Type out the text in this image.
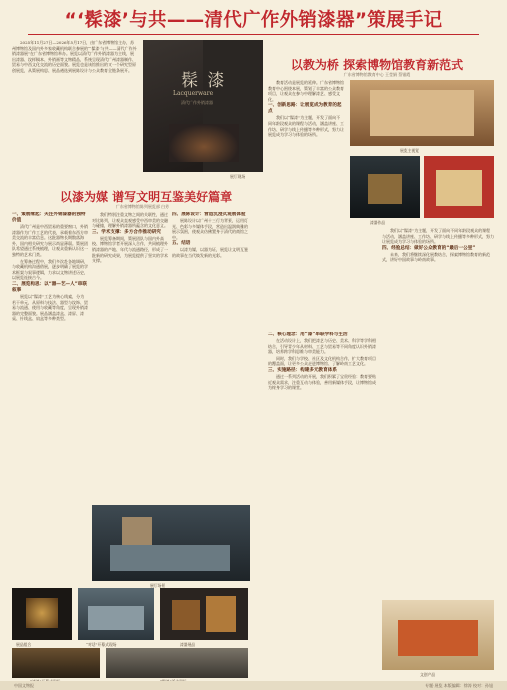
“‘髹漆’与共——清代广作外销漆器”策展手记

2025年11月27日—2026年5月17日，由广东省博物馆主办，苏州博物馆及国内外多家收藏机构联合参展的“‘髹漆’与共——清代广作外销漆器展”在广东省博物馆举办。展览以清代广作外销漆器为主线，展出漆器、纹样稿本、外销画等文物精品，系统呈现清代广州漆器制作、贸易与中西文化交流的历史面貌。展览也是该馆推出的又一个研究型原创展览，从策展构思、展品遴选到展陈设计与公众教育全链条展开。

髹 漆
Lacquerware
清代广作外销漆器
展厅现场
以漆为媒 谱写文明互鉴美好篇章
广东省博物馆陈列展览部 白芳
一、策展缘起：关注外销漆器的独特价值

清代广州是中西贸易的重要窗口，外销漆器作为广作工艺的代表，承载着东西方审美交流的丰富信息。这批器物长期散落海外，国内相关研究与展示尚显薄弱。策展团队希望通过系统梳理，让观众重新认识这一独特的艺术门类。

在筹备过程中，我们多次赴各地调研，与收藏机构沟通借展，逐步明确了展览的学术框架与叙事逻辑，力求以文物讲述历史，以展览连接古今。

二、展览构思：以“器—艺—人”串联叙事

展览以“髹漆”工艺为核心线索，分为若干单元，从原料与技法、器型与纹饰、贸易与流通、使用与收藏等角度，呈现外销漆器的完整面貌。展品涵盖漆盒、漆屏、漆桌、针线盒、扇盒等多种类型。

我们特别注重文物之间的关联性，通过对比陈列，让观众直观感受中西审美的交融与碰撞，理解外销漆器所蕴含的文化意义。

三、学术支撑：多方合作推动研究

展览筹备期间，策展团队与国内外高校、博物馆学者开展深入合作，共同梳理外销漆器的产地、年代与流通路径，形成了一批新的研究成果，为展览提供了坚实的学术支撑。

四、展陈设计：营造沉浸式观展体验

展陈设计以广州十三行为背景，运用灯光、色彩与多媒体手段，营造出温润典雅的展示氛围，使观众仿佛置身于清代的商馆之中。

五、结语

以漆为媒，以器为证，展览让文明互鉴的故事在当代焕发新的光彩。

展厅场景
展品组合	“对话”开幕式现场	漆器展品
以教为桥 探索博物馆教育新范式
广东省博物馆教育中心 王莹娟 蔡银霞

教育活动是展览的延伸。广东省博物馆教育中心围绕本展，策划了丰富的公众教育项目，让观众在参与中理解漆艺、感受文化。

一、创新思路：让展览成为教育的起点

我们以“髹漆”为主题，开发了面向不同年龄段观众的课程与活动，涵盖讲座、工作坊、研学与线上传播等多种形式，努力让展览成为学习与体验的场所。

展览主视觉
漆器作品
二、核心理念：用“漆”串联学科与生活

在活动设计上，我们把漆艺与历史、美术、科学等学科相结合，引导青少年从材料、工艺与贸易等不同角度认识外销漆器，培养跨学科思维与审美能力。

同时，我们与学校、社区及文化机构合作，扩大教育项目的覆盖面，让更多公众走进博物馆、了解岭南工艺文化。

三、实施路径：构建多元教育体系

通过一系列活动的开展，我们积累了宝贵经验：教育要贴近观众需求，注重互动与体验，善用新媒体手段，让博物馆成为终身学习的课堂。

我们以“髹漆”为主题，开发了面向不同年龄段观众的课程与活动，涵盖讲座、工作坊、研学与线上传播等多种形式，努力让展览成为学习与体验的场所。

四、经验总结：做好公众教育的“最后一公里”

未来，我们将继续深化展教结合，探索博物馆教育的新范式，讲好中国故事与岭南故事。

文创产品
中国文物报	专题·展览 本版编辑：徐涛 校对：孙旭
